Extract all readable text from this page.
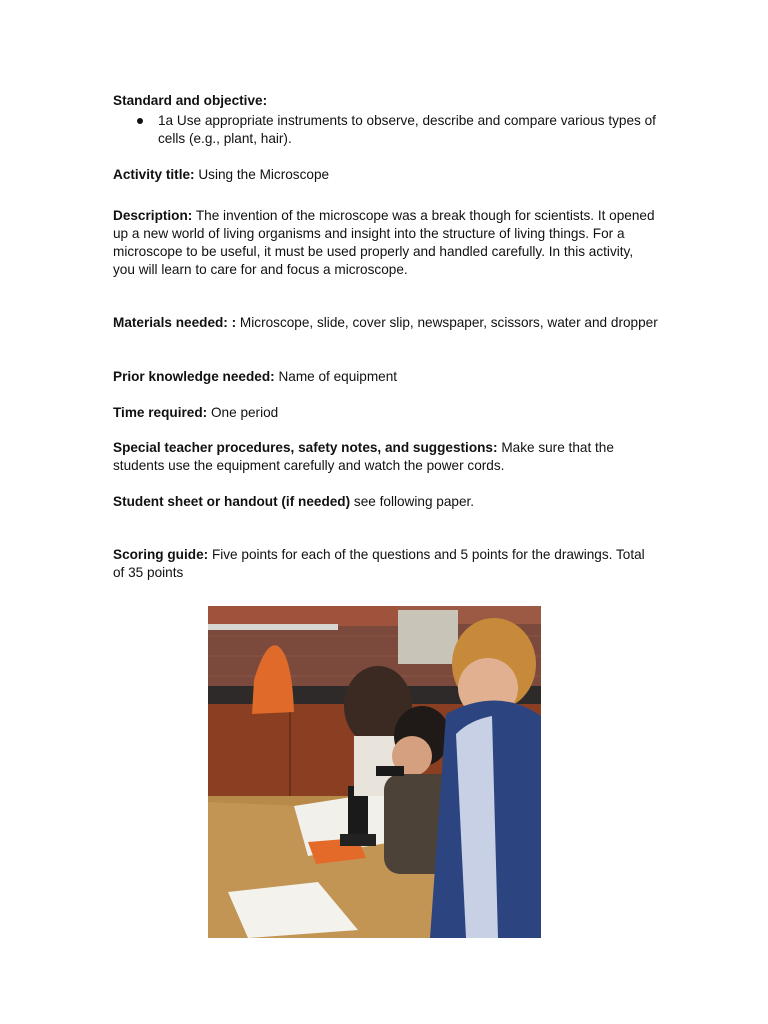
Standard and objective:
1a Use appropriate instruments to observe, describe and compare various types of cells (e.g., plant, hair).
Activity title: Using the Microscope
Description: The invention of the microscope was a break though for scientists. It opened up a new world of living organisms and insight into the structure of living things. For a microscope to be useful, it must be used properly and handled carefully. In this activity, you will learn to care for and focus a microscope.
Materials needed: : Microscope, slide, cover slip, newspaper, scissors, water and dropper
Prior knowledge needed: Name of equipment
Time required: One period
Special teacher procedures, safety notes, and suggestions: Make sure that the students use the equipment carefully and watch the power cords.
Student sheet or handout (if needed) see following paper.
Scoring guide: Five points for each of the questions and 5 points for the drawings. Total of 35 points
